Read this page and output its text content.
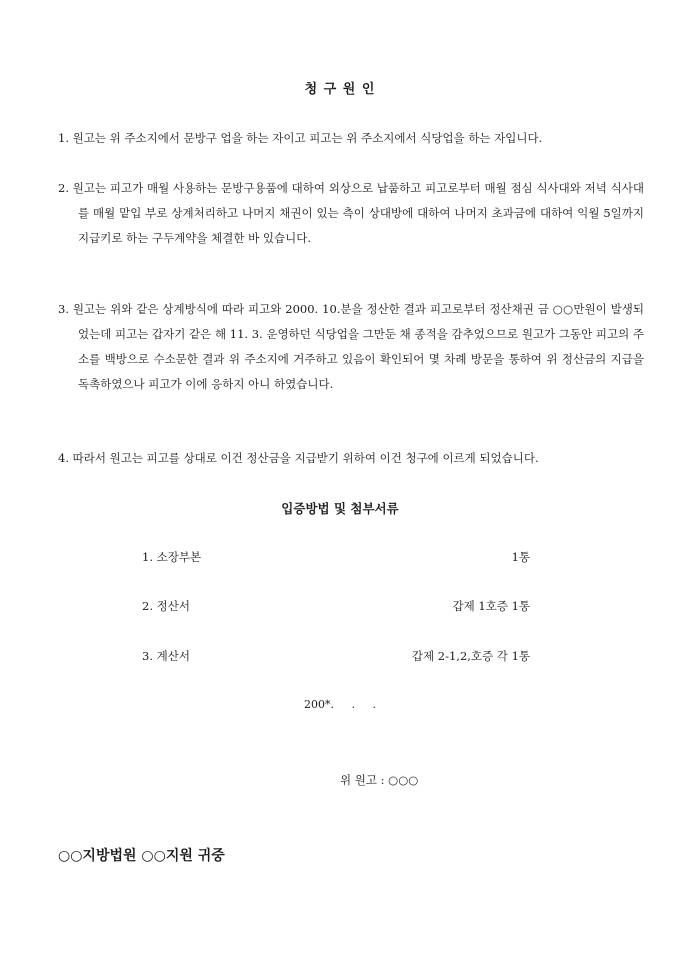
청 구 원 인
1. 원고는 위 주소지에서 문방구 업을 하는 자이고 피고는 위 주소지에서 식당업을 하는 자입니다.
2. 원고는 피고가 매월 사용하는 문방구용품에 대하여 외상으로 납품하고 피고로부터 매월 점심 식사대와 저녁 식사대를 매월 맡입 부로 상계처리하고 나머지 채권이 있는 측이 상대방에 대하여 나머지 초과금에 대하여 익월 5일까지 지급키로 하는 구두계약을 체결한 바 있습니다.
3. 원고는 위와 같은 상계방식에 따라 피고와 2000. 10.분을 정산한 결과 피고로부터 정산채권 금 ○○만원이 발생되었는데 피고는 갑자기 같은 해 11. 3. 운영하던 식당업을 그만둔 채 종적을 감추었으므로 원고가 그동안 피고의 주소를 백방으로 수소문한 결과 위 주소지에 거주하고 있음이 확인되어 몇 차례 방문을 통하여 위 정산금의 지급을 독촉하였으나 피고가 이에 응하지 아니 하였습니다.
4. 따라서 원고는 피고를 상대로 이건 정산금을 지급받기 위하여 이건 청구에 이르게 되었습니다.
입증방법 및 첨부서류
1. 소장부본	1통
2. 정산서	갑제 1호증 1통
3. 계산서	갑제 2-1,2,호증 각 1통
200*.     .     .
위 원고 : ○○○
○○지방법원 ○○지원 귀중
